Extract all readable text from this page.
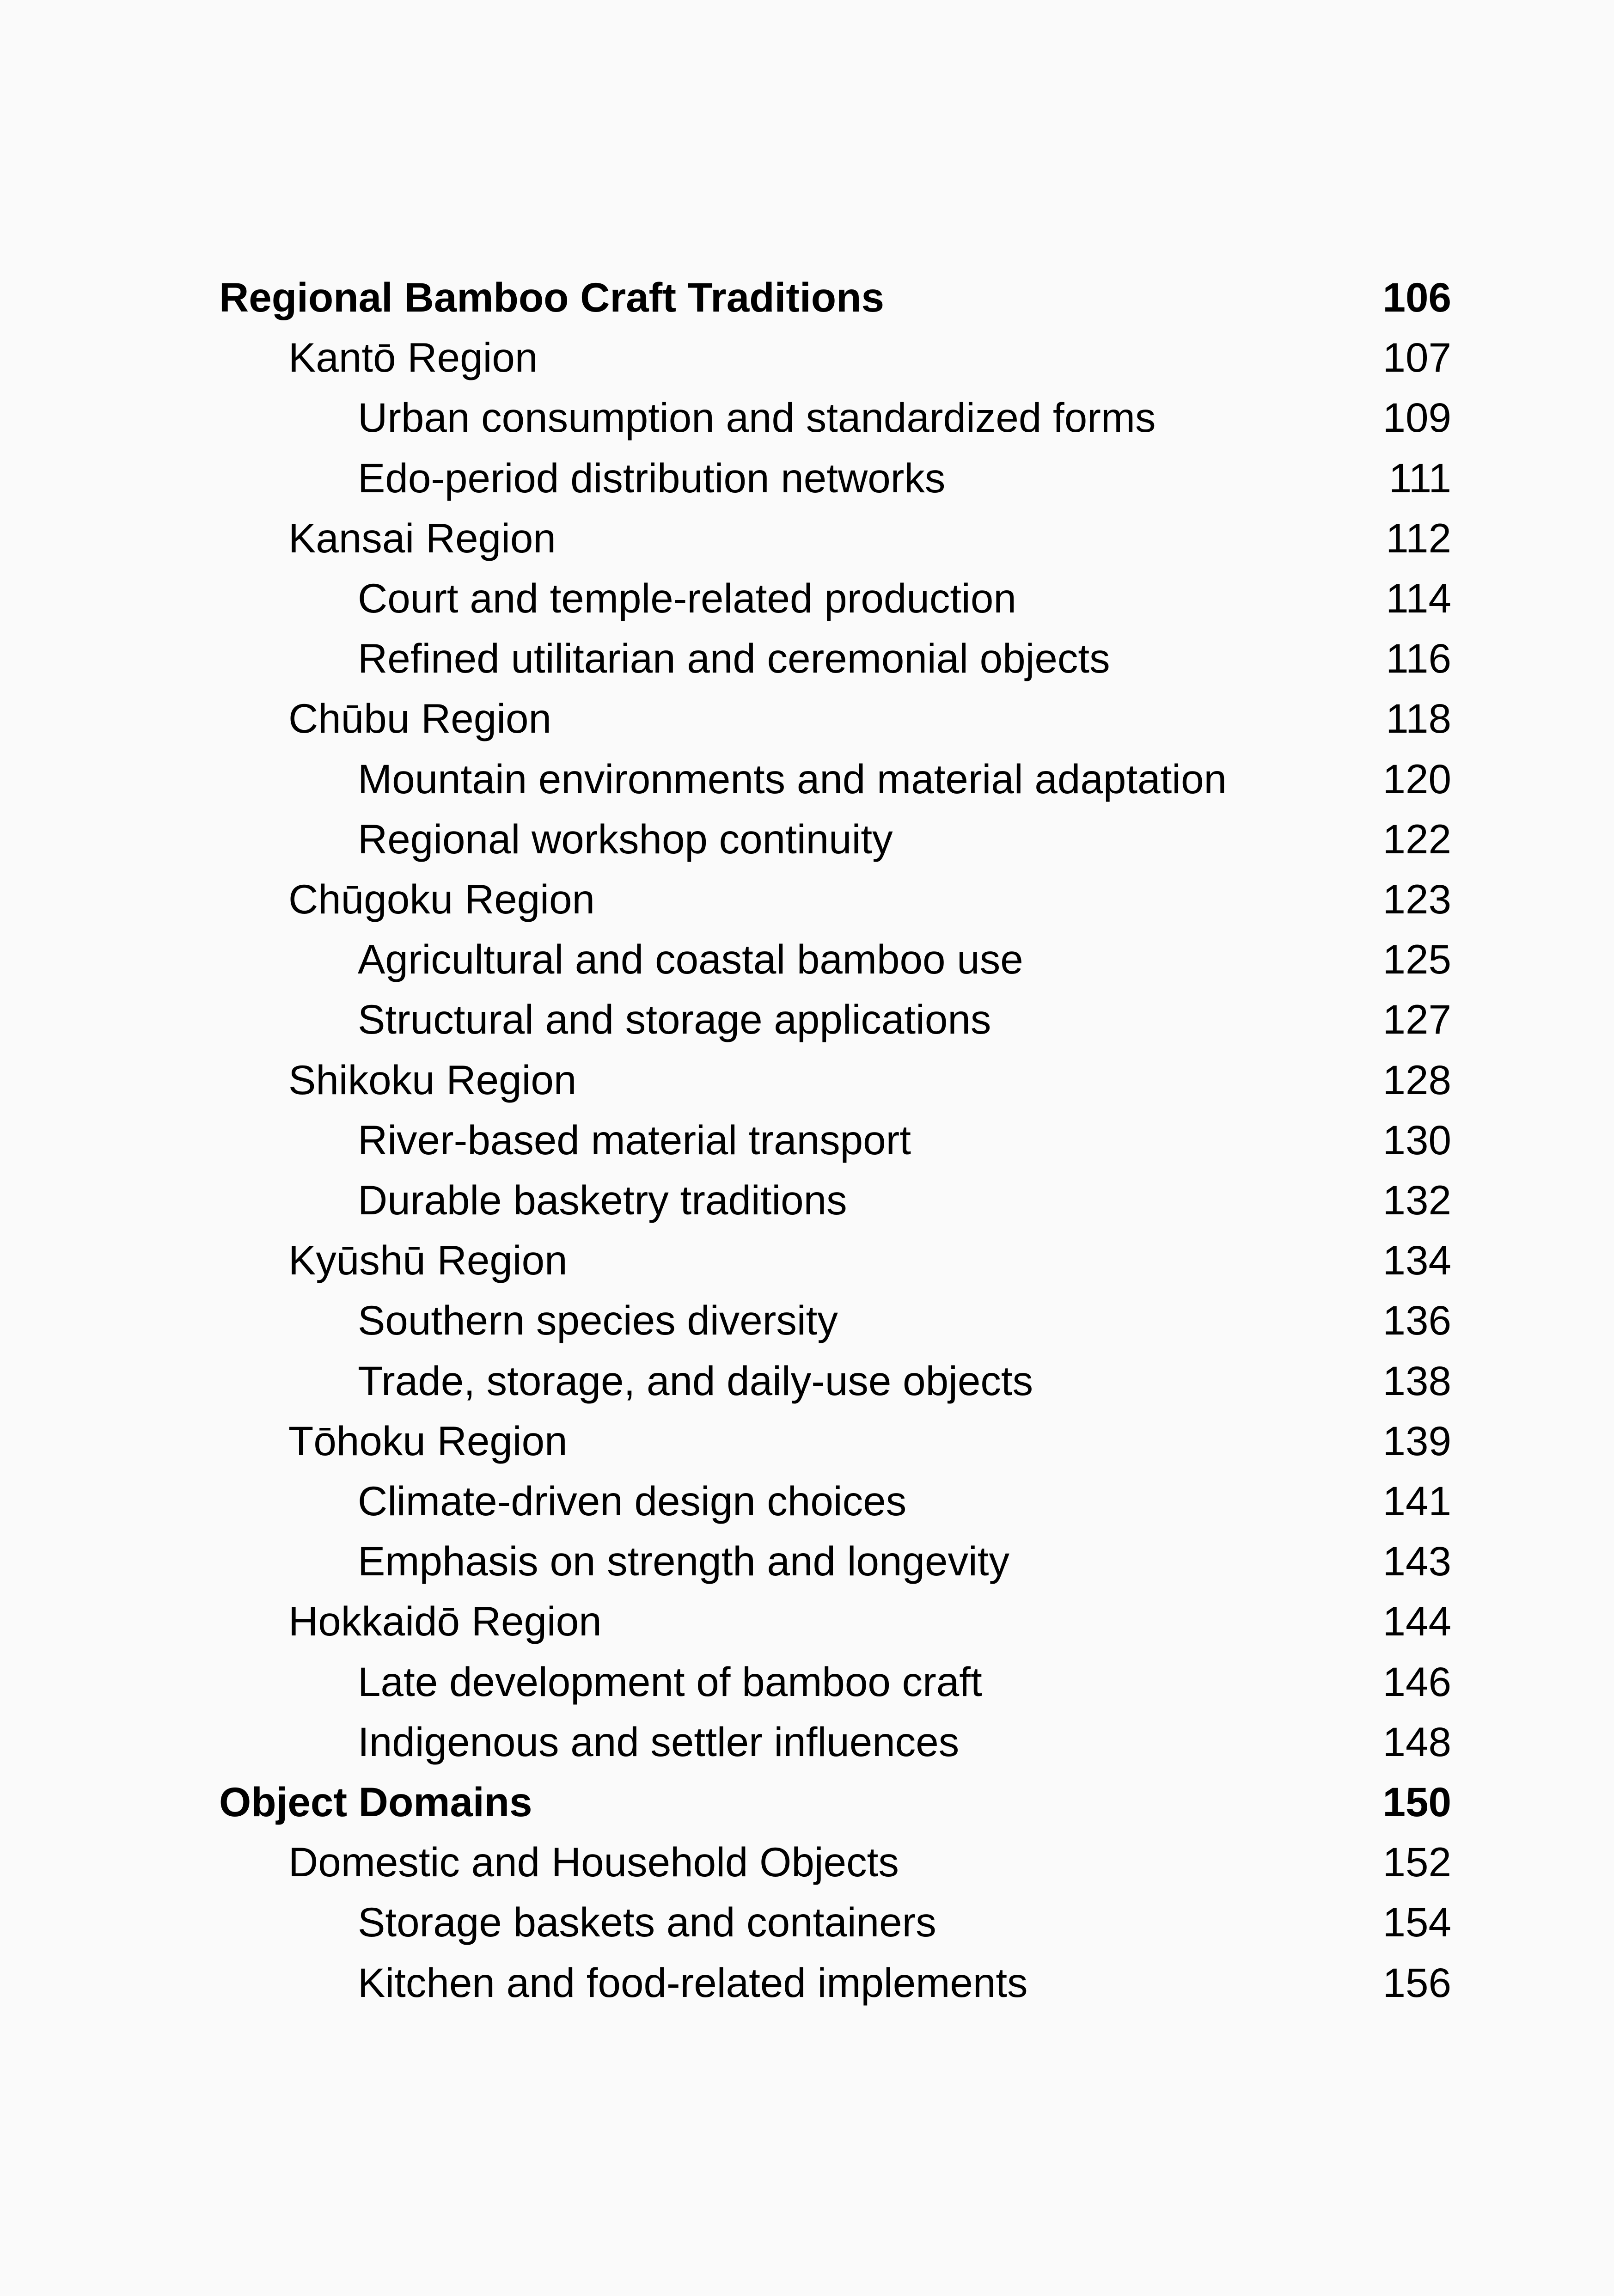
Regional Bamboo Craft Traditions	106
Kantō Region	107
Urban consumption and standardized forms	109
Edo-period distribution networks	111
Kansai Region	112
Court and temple-related production	114
Refined utilitarian and ceremonial objects	116
Chūbu Region	118
Mountain environments and material adaptation	120
Regional workshop continuity	122
Chūgoku Region	123
Agricultural and coastal bamboo use	125
Structural and storage applications	127
Shikoku Region	128
River-based material transport	130
Durable basketry traditions	132
Kyūshū Region	134
Southern species diversity	136
Trade, storage, and daily-use objects	138
Tōhoku Region	139
Climate-driven design choices	141
Emphasis on strength and longevity	143
Hokkaidō Region	144
Late development of bamboo craft	146
Indigenous and settler influences	148
Object Domains	150
Domestic and Household Objects	152
Storage baskets and containers	154
Kitchen and food-related implements	156
